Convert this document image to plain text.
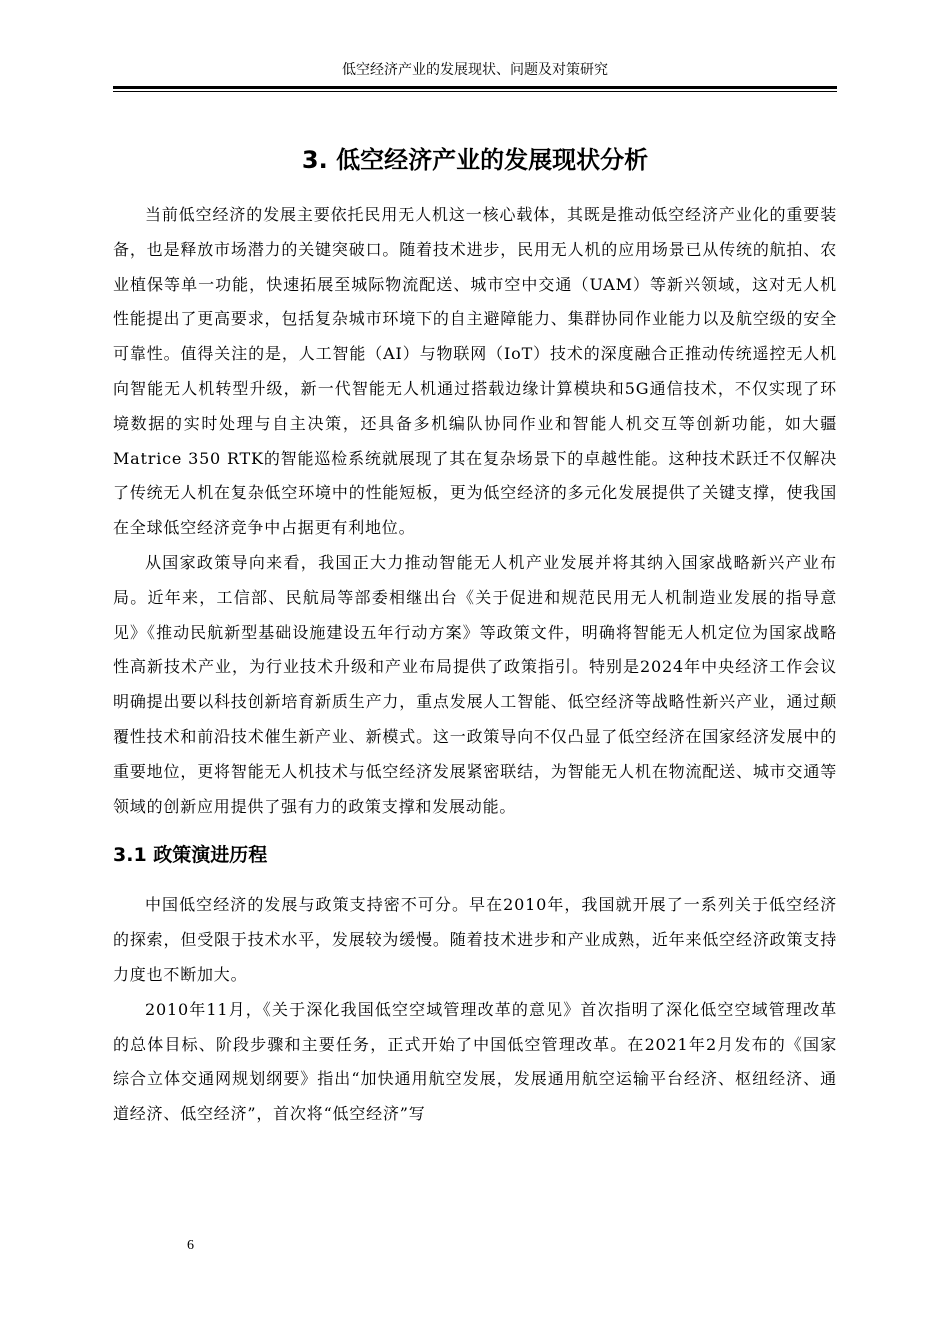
低空经济产业的发展现状、问题及对策研究
3. 低空经济产业的发展现状分析

当前低空经济的发展主要依托民用无人机这一核心载体，其既是推动低空经济产业化的重要装备，也是释放市场潜力的关键突破口。随着技术进步，民用无人机的应用场景已从传统的航拍、农业植保等单一功能，快速拓展至城际物流配送、城市空中交通（UAM）等新兴领域，这对无人机性能提出了更高要求，包括复杂城市环境下的自主避障能力、集群协同作业能力以及航空级的安全可靠性。值得关注的是，人工智能（AI）与物联网（IoT）技术的深度融合正推动传统遥控无人机向智能无人机转型升级，新一代智能无人机通过搭载边缘计算模块和5G通信技术，不仅实现了环境数据的实时处理与自主决策，还具备多机编队协同作业和智能人机交互等创新功能，如大疆Matrice 350 RTK的智能巡检系统就展现了其在复杂场景下的卓越性能。这种技术跃迁不仅解决了传统无人机在复杂低空环境中的性能短板，更为低空经济的多元化发展提供了关键支撑，使我国在全球低空经济竞争中占据更有利地位。

从国家政策导向来看，我国正大力推动智能无人机产业发展并将其纳入国家战略新兴产业布局。近年来，工信部、民航局等部委相继出台《关于促进和规范民用无人机制造业发展的指导意见》《推动民航新型基础设施建设五年行动方案》等政策文件，明确将智能无人机定位为国家战略性高新技术产业，为行业技术升级和产业布局提供了政策指引。特别是2024年中央经济工作会议明确提出要以科技创新培育新质生产力，重点发展人工智能、低空经济等战略性新兴产业，通过颠覆性技术和前沿技术催生新产业、新模式。这一政策导向不仅凸显了低空经济在国家经济发展中的重要地位，更将智能无人机技术与低空经济发展紧密联结，为智能无人机在物流配送、城市交通等领域的创新应用提供了强有力的政策支撑和发展动能。

3.1 政策演进历程

中国低空经济的发展与政策支持密不可分。早在2010年，我国就开展了一系列关于低空经济的探索，但受限于技术水平，发展较为缓慢。随着技术进步和产业成熟，近年来低空经济政策支持力度也不断加大。

2010年11月，《关于深化我国低空空域管理改革的意见》首次指明了深化低空空域管理改革的总体目标、阶段步骤和主要任务，正式开始了中国低空管理改革。在2021年2月发布的《国家综合立体交通网规划纲要》指出“加快通用航空发展，发展通用航空运输平台经济、枢纽经济、通道经济、低空经济”，首次将“低空经济”写

6
